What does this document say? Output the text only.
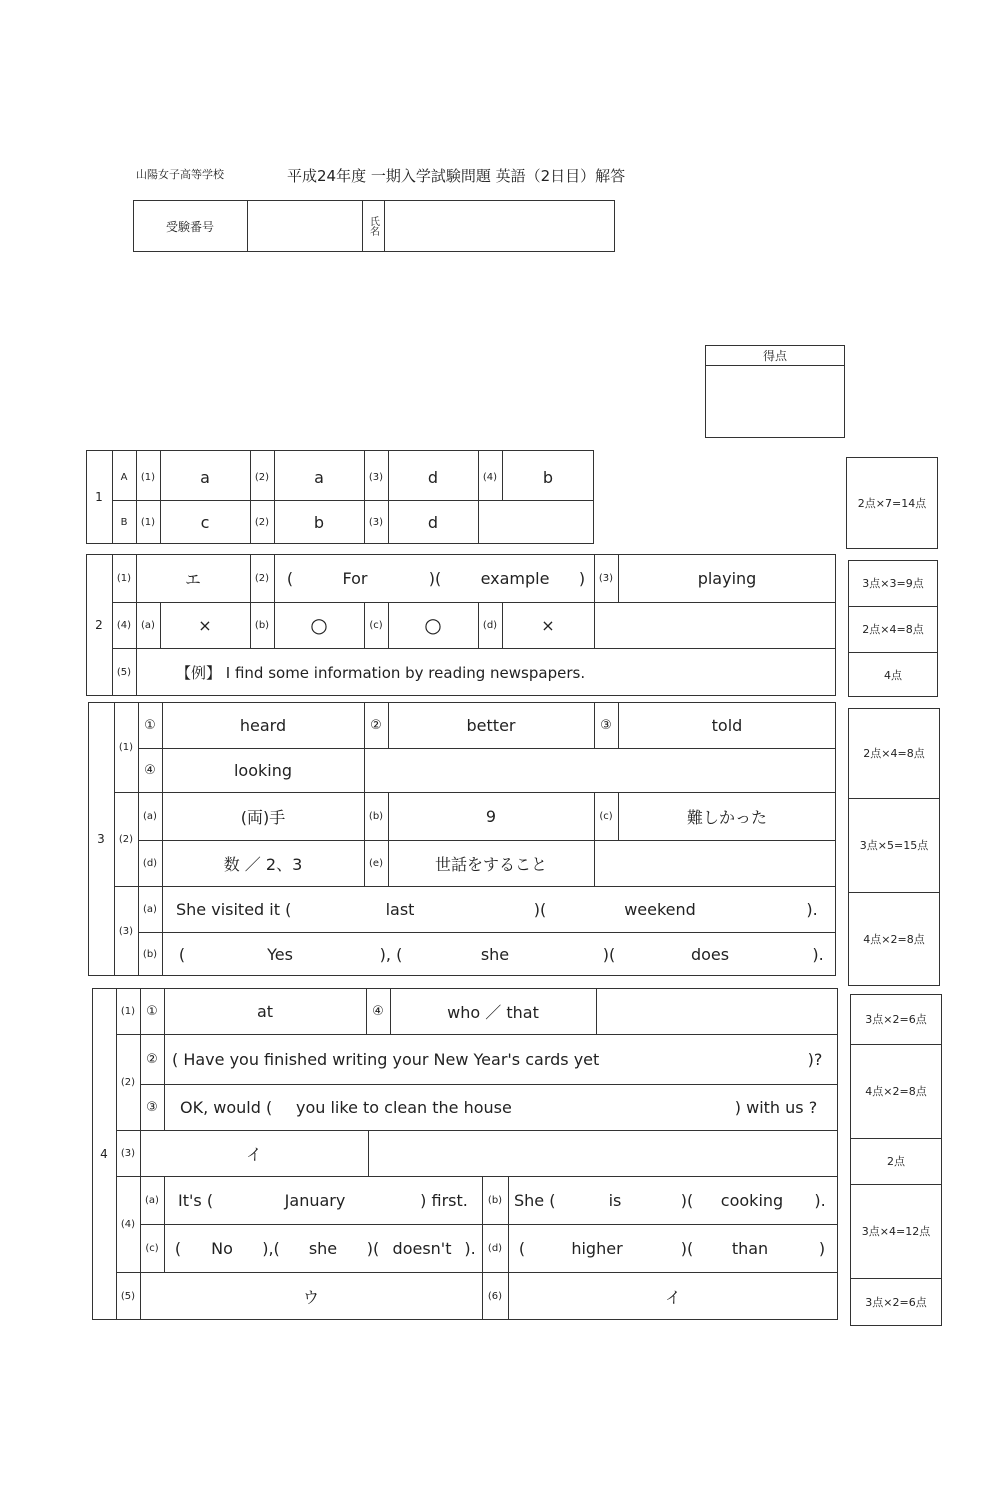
山陽女子高等学校	平成24年度 一期入学試験問題 英語（2日目）解答
受験番号	氏名
得点
1
A
B
(1)	a	(2)	a	(3)	d	(4)	b
(1)	c	(2)	b	(3)	d
2点×7=14点
2
(1)	エ	(2)	(	For	)(	example	)	(3)	playing
(4) (a)	×	(b)	○	(c)	○	(d)	×
(5)	【例】 I find some information by reading newspapers.
3点×3=9点
2点×4=8点
4点
3
(1)
①	heard	②	better	③	told
④	looking
(2)
(a)	(両)手	(b)	9	(c)	難しかった
(d)	数 ／ 2、3	(e)	世話をすること
(3)
(a)	She visited it (	last	)(	weekend	).
(b)	(	Yes	), (	she	)(	does	).
2点×4=8点
3点×5=15点
4点×2=8点
4
(1) ①	at	④	who ／ that
(2)
② ( Have you finished writing your New Year's cards yet	)?
③	OK, would (	you like to clean the house	) with us ?
(3)	イ
(4)
(a)	It's (	January	) first.	(b) She (	is	)(	cooking	).
(c)	(	No	),(	she	)( doesn't ).	(d)	(	higher	)(	than	)
(5)	ウ	(6)	イ
3点×2=6点
4点×2=8点
2点
3点×4=12点
3点×2=6点
